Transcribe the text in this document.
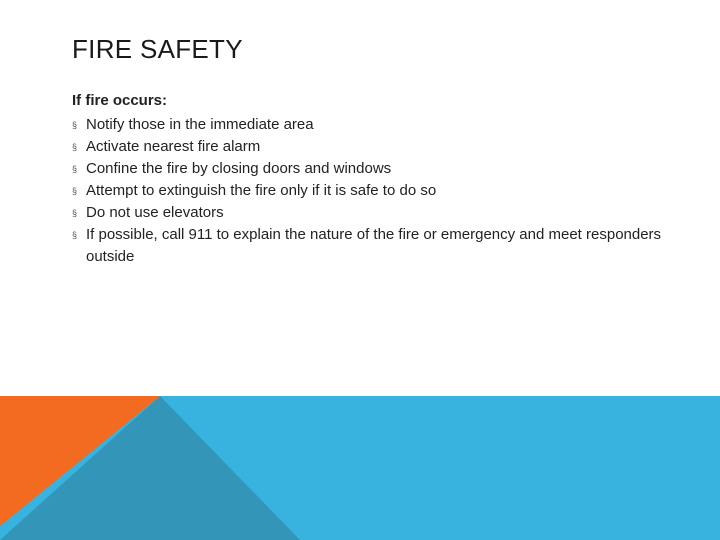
FIRE SAFETY
If fire occurs:
§ Notify those in the immediate area
§ Activate nearest fire alarm
§ Confine the fire by closing doors and windows
§ Attempt to extinguish the fire only if it is safe to do so
§ Do not use elevators
§ If possible, call 911 to explain the nature of the fire or emergency and meet responders outside
